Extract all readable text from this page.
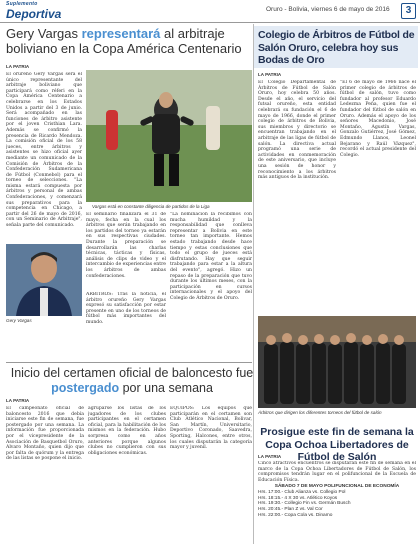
Suplemento
Deportiva	Oruro - Bolivia, viernes 6 de mayo de 2016	3
Gery Vargas representará al arbitraje boliviano en la Copa América Centenario
LA PATRIA
El orureño Gery Vargas será el único representante del arbitraje boliviano que participará como réferi en la Copa América Centenario a celebrarse en los Estados Unidos a partir del 3 de junio. Será acompañado en las funciones de árbitro asistente por el joven Cristhian Lara. Además se confirmó la presencia de Ricardo Mendoza. La comisión oficial de los 58 jueces, entre árbitros y asistentes se hizo oficial ayer mediante un comunicado de la Comisión de Árbitros de la Confederación Sudamericana de Fútbol (Conmebol) para el torneo de selecciones. "La misma estará compuesta por árbitros y personal de ambas Confederaciones, y comenzará sus preparativos para la competencia en Chicago, a partir del 26 de mayo de 2016, con un Seminario de Arbitraje", señala parte del comunicado.
Vargas está en constante diligencia de partidos de la Liga
Gery Vargas
El seminario finalizará el 31 de mayo, fecha en la cual los árbitros que serán trabajando en los partidos del torneo ya estarán en sus respectivas ciudades. Durante la preparación se desarrollarán las charlas técnicas, tácticas y físicas, análisis de clips de video y el intercambio de experiencias entre los árbitros de ambas confederaciones.
ÁRBITROS: Tras la noticia, el árbitro orureño Gery Vargas expresó su satisfacción por estar presente en uno de los torneos de fútbol más importantes del mundo.
"La nominación la recibimos con mucha humildad y la responsabilidad que conlleva representar a Bolivia en este torneo tan importante. Hemos estado trabajando desde hace tiempo y estas conclusiones que todo el grupo de jueces está disfrutando. Hay que seguir trabajando para estar a la altura del evento", agregó. Hizo un repaso de la preparación que tuvo durante los últimos meses, con la participación en cursos internacionales y el apoyo del Colegio de Árbitros de Oruro.
Colegio de Árbitros de Fútbol de Salón Oruro, celebra hoy sus Bodas de Oro
LA PATRIA
El Colegio Departamental de Árbitros de Fútbol de Salón Oruro, hoy celebra 50 años. Desde el año, el servicio del futsal orureño, esta entidad celebrará su fundación el 6 de mayo de 1966, donde el primer colegio de árbitros de Bolivia, sus miembros y directorio se encuentran trabajando en el arbitraje de las ligas de fútbol de salón. La directiva actual programó una serie de actividades en conmemoración de este aniversario, que incluye una sesión de honor y reconocimiento a los árbitros más antiguos de la institución.
"El 6 de mayo de 1966 nace el primer colegio de árbitros de fútbol de salón, tuvo como fundador al profesor Eduardo Ledezma Peña, quien fue el fundador del fútbol de salón en Oruro. Además el apoyo de los señores Macedonio, José Montaño, Agustín Vargas, Gonzalo Gutiérrez, José Gómez, Edmundo Llanos, Leonel Bejarano y Raúl Vázquez", recordó el actual presidente del Colegio.
Árbitros que dirigen los diferentes torneos del fútbol de salón
Inicio del certamen oficial de baloncesto fue postergado por una semana
LA PATRIA
El campeonato oficial de baloncesto 2016 que debía iniciarse este fin de semana, fue postergado por una semana. La información fue proporcionada por el vicepresidente de la Asociación de Basquetbol Oruro, Alvaro Montaño, quien dijo que por falta de quórum y la entrega de las listas se pospone el inicio.
agruparse los listas de los jugadores de los clubes participantes en el certamen oficial, para la habilitación de los mismos en la federación. Hubo sorpresa como en años anteriores porque algunos clubes no cumplieron con sus obligaciones económicas.
EQUIPOS: Los equipos que participarán en el certamen son Club Atlético Nacional, Bolivar, San Martín, Universitario, Deportivo Coronado, Saavedra, Sporting, Halcones, entre otros, los cuales disputarán la categoría mayor y juvenil.
Prosigue este fin de semana la Copa Ochoa Libertadores de Fútbol de Salón
LA PATRIA
Cinco atractivos encuentros se disputarán este fin de semana en el marco de la Copa Ochoa Libertadores de Fútbol de Salón, los compromisos tendrán lugar en el polifuncional de la Escuela de Educación Física.
SÁBADO 7 DE MAYO POLIFUNCIONAL DE ECONOMÍA
Hrs. 17:00.- Club Alianza vs. Collegio Pol
Hrs. 18:15.- 4 X 30 vs. Atlético Koyos
Hrs. 19:30.- Collegio Fin vs. Germán Busch
Hrs. 20:45.- Plan Z vs. Val Cor
Hrs. 22:00.- Copa Cola vs. Dinamo
